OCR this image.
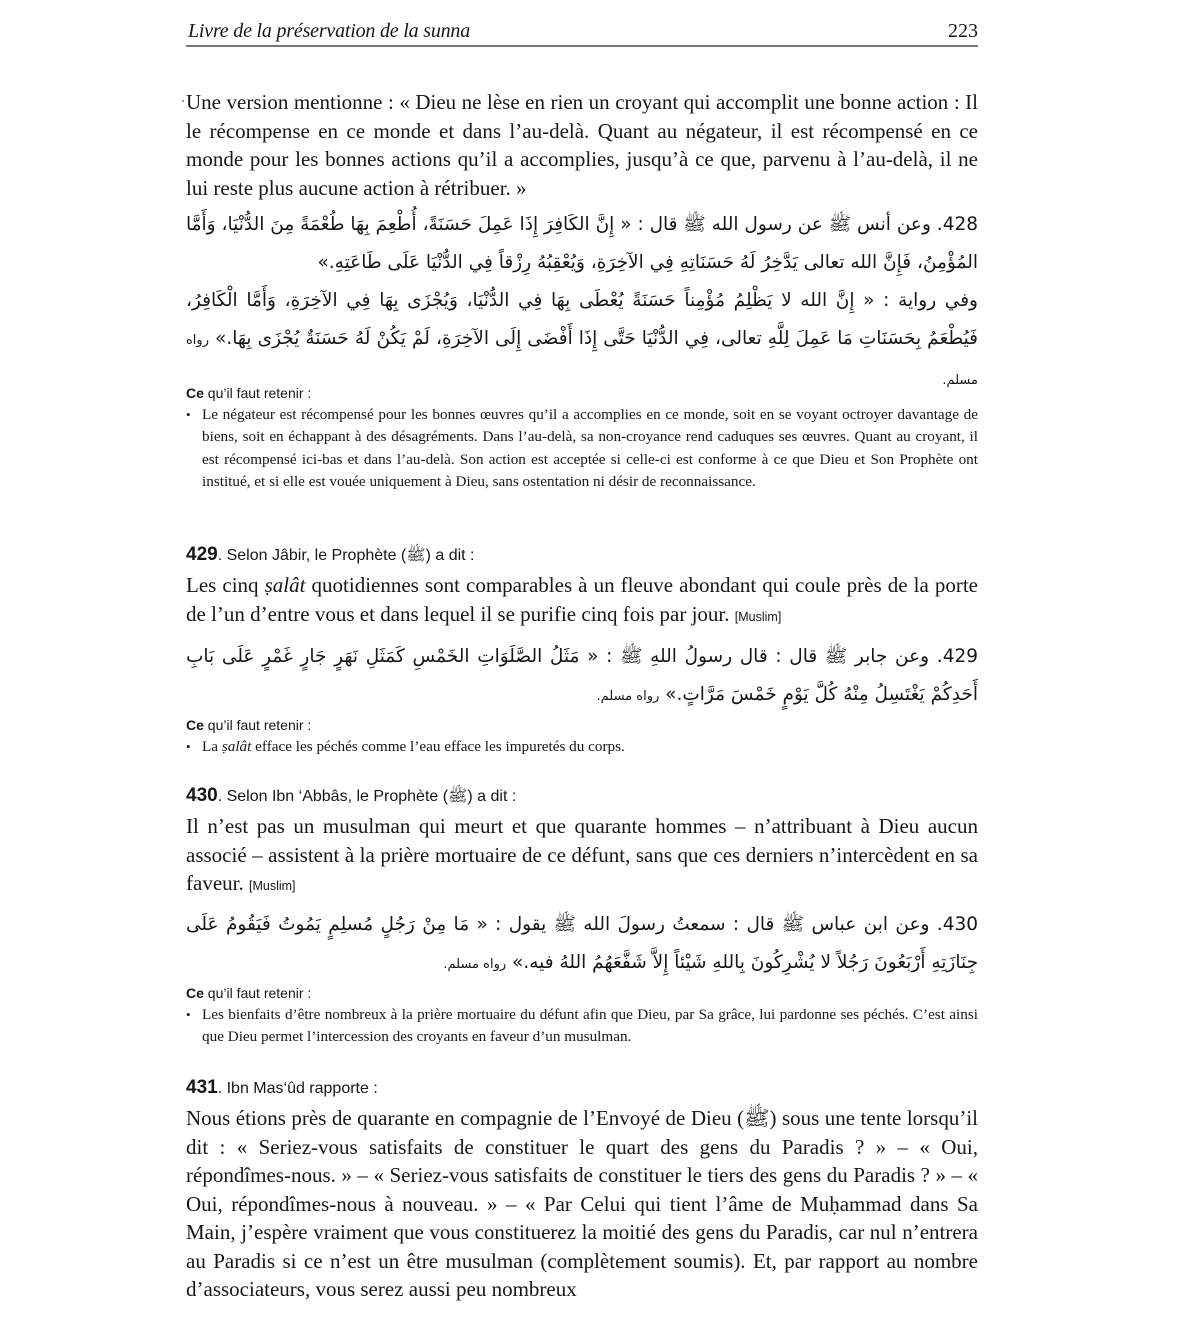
Livre de la préservation de la sunna	223

Une version mentionne : « Dieu ne lèse en rien un croyant qui accomplit une bonne action : Il le récompense en ce monde et dans l’au-delà. Quant au négateur, il est récompensé en ce monde pour les bonnes actions qu’il a accomplies, jusqu’à ce que, parvenu à l’au-delà, il ne lui reste plus aucune action à rétribuer. »

428. وعن أنس ﷺ عن رسول الله ﷺ قال : « إِنَّ الكَافِرَ إِذَا عَمِلَ حَسَنَةً، أُطْعِمَ بِهَا طُعْمَةً مِنَ الدُّنْيَا، وَأَمَّا المُؤْمِنُ، فَإِنَّ الله تعالى يَدَّخِرُ لَهُ حَسَنَاتِهِ فِي الآخِرَةِ، وَيُعْقِبُهُ رِزْقاً فِي الدُّنْيَا عَلَى طَاعَتِهِ.»

وفي رواية : « إِنَّ الله لا يَظْلِمُ مُؤْمِناً حَسَنَةً يُعْطَى بِهَا فِي الدُّنْيَا، وَيُجْزَى بِهَا فِي الآخِرَةِ، وَأَمَّا الْكَافِرُ، فَيُطْعَمُ بِحَسَنَاتِ مَا عَمِلَ لِلَّهِ تعالى، فِي الدُّنْيَا حَتَّى إِذَا أَفْضَى إِلَى الآخِرَةِ، لَمْ يَكُنْ لَهُ حَسَنَةٌ يُجْزَى بِهَا.» رواه مسلم.

Ce qu’il faut retenir :

• Le négateur est récompensé pour les bonnes œuvres qu’il a accomplies en ce monde, soit en se voyant octroyer davantage de biens, soit en échappant à des désagréments. Dans l’au-delà, sa non-croyance rend caduques ses œuvres. Quant au croyant, il est récompensé ici-bas et dans l’au-delà. Son action est acceptée si celle-ci est conforme à ce que Dieu et Son Prophète ont institué, et si elle est vouée uniquement à Dieu, sans ostentation ni désir de reconnaissance.

429. Selon Jâbir, le Prophète (ﷺ) a dit :

Les cinq ṣalât quotidiennes sont comparables à un fleuve abondant qui coule près de la porte de l’un d’entre vous et dans lequel il se purifie cinq fois par jour. [Muslim]

429. وعن جابر ﷺ قال : قال رسولُ اللهِ ﷺ : « مَثَلُ الصَّلَوَاتِ الخَمْسِ كَمَثَلِ نَهَرٍ جَارٍ غَمْرٍ عَلَى بَابِ أَحَدِكُمْ يَغْتَسِلُ مِنْهُ كُلَّ يَوْمٍ خَمْسَ مَرَّاتٍ.» رواه مسلم.

Ce qu’il faut retenir :

• La ṣalât efface les péchés comme l’eau efface les impuretés du corps.

430. Selon Ibn ‘Abbâs, le Prophète (ﷺ) a dit :

Il n’est pas un musulman qui meurt et que quarante hommes – n’attribuant à Dieu aucun associé – assistent à la prière mortuaire de ce défunt, sans que ces derniers n’intercèdent en sa faveur. [Muslim]

430. وعن ابن عباس ﷺ قال : سمعتُ رسولَ الله ﷺ يقول : « مَا مِنْ رَجُلٍ مُسلِمٍ يَمُوتُ فَيَقُومُ عَلَى جِنَازَتِهِ أَرْبَعُونَ رَجُلاً لا يُشْرِكُونَ بِاللهِ شَيْئاً إِلاَّ شَفَّعَهُمُ اللهُ فيه.» رواه مسلم.

Ce qu’il faut retenir :

• Les bienfaits d’être nombreux à la prière mortuaire du défunt afin que Dieu, par Sa grâce, lui pardonne ses péchés. C’est ainsi que Dieu permet l’intercession des croyants en faveur d’un musulman.

431. Ibn Mas‘ûd rapporte :

Nous étions près de quarante en compagnie de l’Envoyé de Dieu (ﷺ) sous une tente lorsqu’il dit : « Seriez-vous satisfaits de constituer le quart des gens du Paradis ? » – « Oui, répondîmes-nous. » – « Seriez-vous satisfaits de constituer le tiers des gens du Paradis ? » – « Oui, répondîmes-nous à nouveau. » – « Par Celui qui tient l’âme de Muḥammad dans Sa Main, j’espère vraiment que vous constituerez la moitié des gens du Paradis, car nul n’entrera au Paradis si ce n’est un être musulman (complètement soumis). Et, par rapport au nombre d’associateurs, vous serez aussi peu nombreux
